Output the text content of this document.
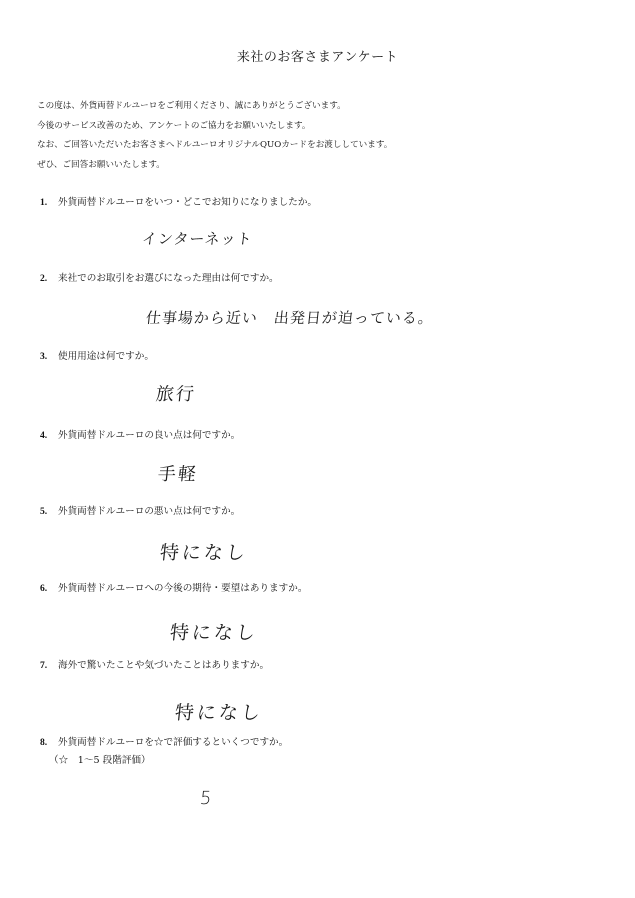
来社のお客さまアンケート
この度は、外貨両替ドルユーロをご利用くださり、誠にありがとうございます。
今後のサービス改善のため、アンケートのご協力をお願いいたします。
なお、ご回答いただいたお客さまへドルユーロオリジナルQUOカードをお渡ししています。
ぜひ、ご回答お願いいたします。
1. 外貨両替ドルユーロをいつ・どこでお知りになりましたか。
インターネット
2. 来社でのお取引をお選びになった理由は何ですか。
仕事場から近い　出発日が迫っている。
3. 使用用途は何ですか。
旅行
4. 外貨両替ドルユーロの良い点は何ですか。
手軽
5. 外貨両替ドルユーロの悪い点は何ですか。
特になし
6. 外貨両替ドルユーロへの今後の期待・要望はありますか。
特になし
7. 海外で驚いたことや気づいたことはありますか。
特になし
8. 外貨両替ドルユーロを☆で評価するといくつですか。
（☆　1〜5 段階評価）
5
